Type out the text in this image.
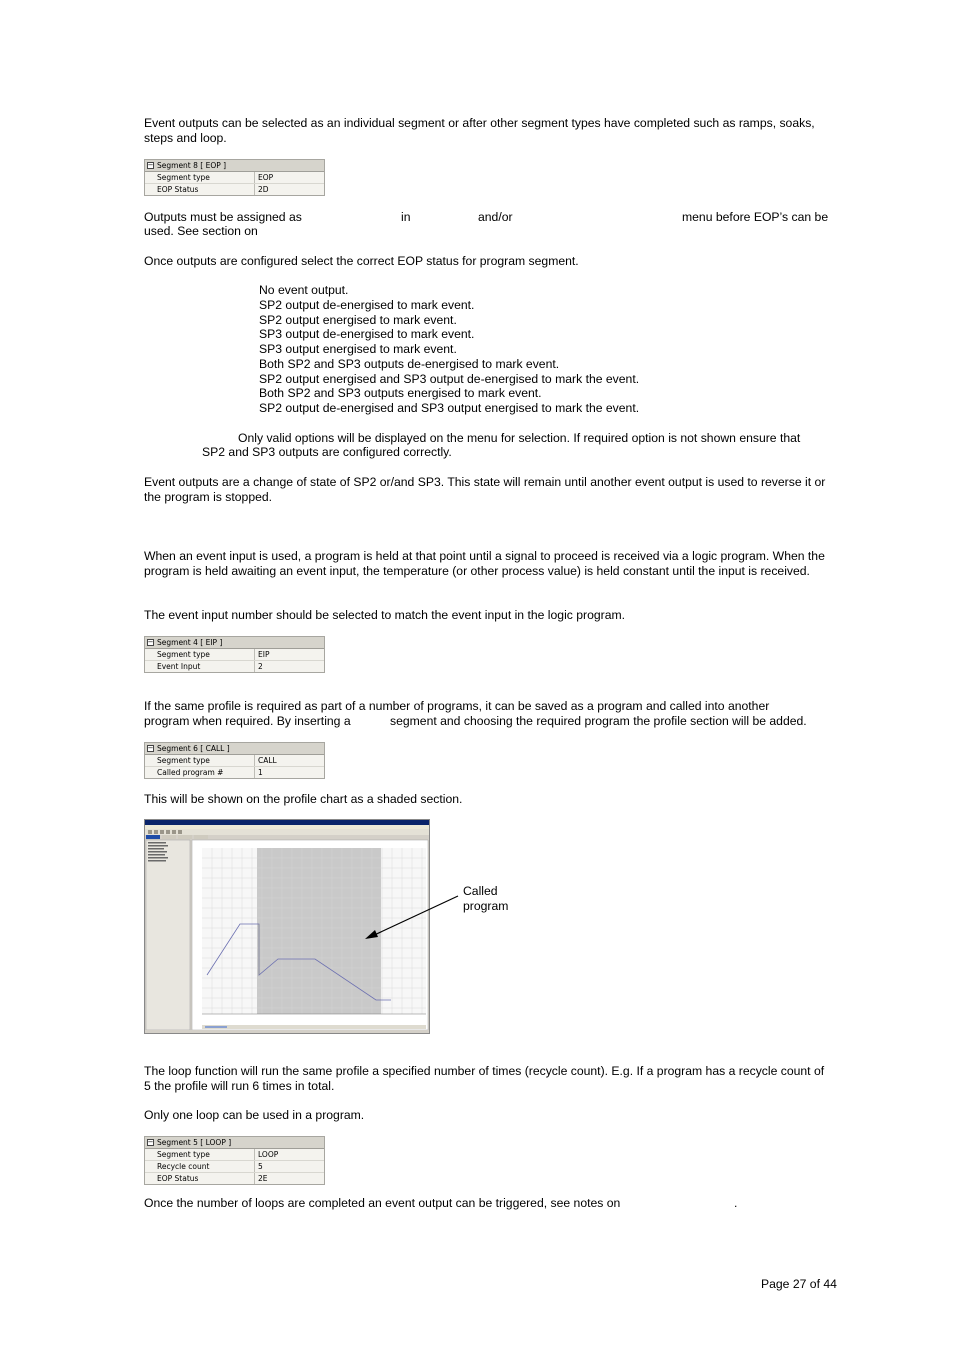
Event outputs can be selected as an individual segment or after other segment types have completed such as ramps, soaks, steps and loop.

− Segment 8 [ EOP ]
Segment type	EOP
EOP Status	2D
Outputs must be assigned as	in	and/or	menu before EOP’s can be
used. See section on

Once outputs are configured select the correct EOP status for program segment.

No event output.
SP2 output de-energised to mark event.
SP2 output energised to mark event.
SP3 output de-energised to mark event.
SP3 output energised to mark event.
Both SP2 and SP3 outputs de-energised to mark event.
SP2 output energised and SP3 output de-energised to mark the event.
Both SP2 and SP3 outputs energised to mark event.
SP2 output de-energised and SP3 output energised to mark the event.
Only valid options will be displayed on the menu for selection. If required option is not shown ensure that
SP2 and SP3 outputs are configured correctly.

Event outputs are a change of state of SP2 or/and SP3. This state will remain until another event output is used to reverse it or the program is stopped.

When an event input is used, a program is held at that point until a signal to proceed is received via a logic program. When the program is held awaiting an event input, the temperature (or other process value) is held constant until the input is received.

The event input number should be selected to match the event input in the logic program.

− Segment 4 [ EIP ]
Segment type	EIP
Event Input	2
If the same profile is required as part of a number of programs, it can be saved as a program and called into another
program when required. By inserting a	segment and choosing the required program the profile section will be added.
− Segment 6 [ CALL ]
Segment type	CALL
Called program #	1

This will be shown on the profile chart as a shaded section.

Called
program

The loop function will run the same profile a specified number of times (recycle count). E.g. If a program has a recycle count of 5 the profile will run 6 times in total.

Only one loop can be used in a program.

− Segment 5 [ LOOP ]
Segment type	LOOP
Recycle count	5
EOP Status	2E
Once the number of loops are completed an event output can be triggered, see notes on	.
Page 27 of 44
